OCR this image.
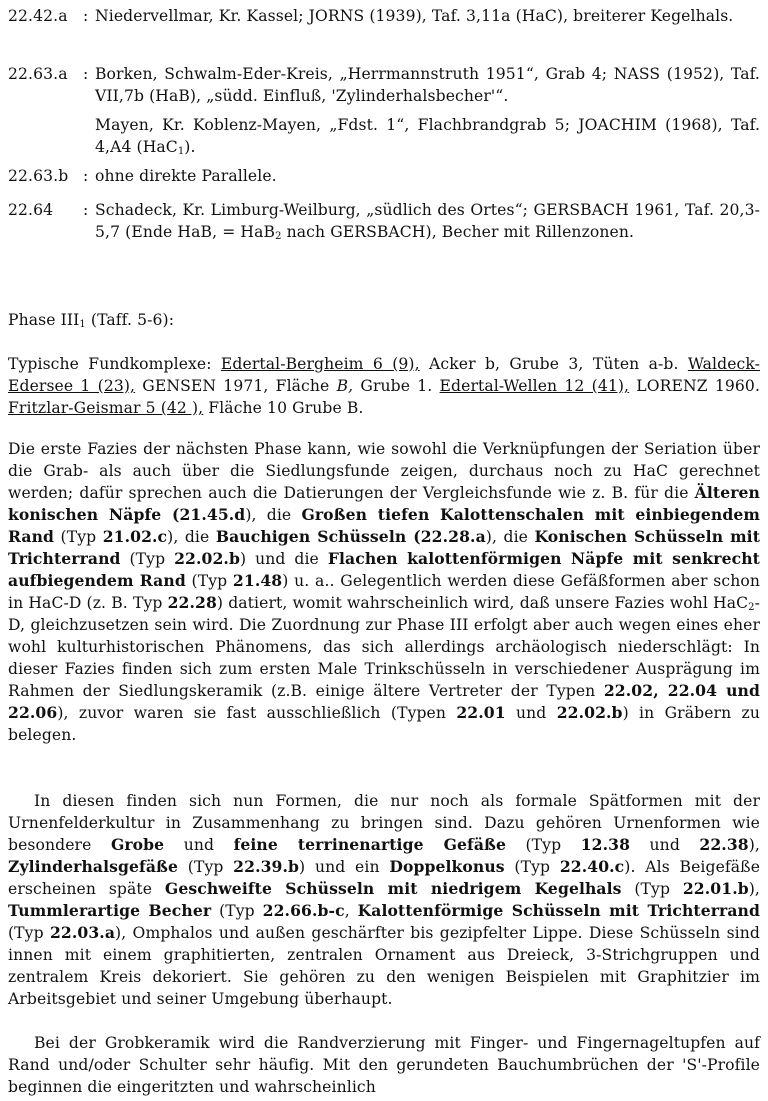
22.42.a : Niedervellmar, Kr. Kassel; JORNS (1939), Taf. 3,11a (HaC), breiterer Kegelhals.

22.63.a : Borken, Schwalm-Eder-Kreis, „Herrmannstruth 1951“, Grab 4; NASS (1952), Taf. VII,7b (HaB), „südd. Einfluß, 'Zylinderhalsbecher'“.

Mayen, Kr. Koblenz-Mayen, „Fdst. 1“, Flachbrandgrab 5; JOACHIM (1968), Taf. 4,A4 (HaC$_1$).

22.63.b : ohne direkte Parallele.

22.64 : Schadeck, Kr. Limburg-Weilburg, „südlich des Ortes“; GERSBACH 1961, Taf. 20,3-5,7 (Ende HaB, = HaB$_2$ nach GERSBACH), Becher mit Rillenzonen.

Phase $III_1$ (Taff. 5-6):

Typische Fundkomplexe: Edertal-Bergheim 6 (9), Acker b, Grube 3, Tüten a-b. Waldeck-Edersee 1 (23), GENSEN 1971, Fläche B, Grube 1. Edertal-Wellen 12 (41), LORENZ 1960. Fritzlar-Geismar 5 (42 ), Fläche 10 Grube B.

Die erste Fazies der nächsten Phase kann, wie sowohl die Verknüpfungen der Seriation über die Grab- als auch über die Siedlungsfunde zeigen, durchaus noch zu HaC gerechnet werden; dafür sprechen auch die Datierungen der Vergleichsfunde wie z. B. für die Älteren konischen Näpfe (21.45.d), die Großen tiefen Kalottenschalen mit einbiegendem Rand (Typ 21.02.c), die Bauchigen Schüsseln (22.28.a), die Konischen Schüsseln mit Trichterrand (Typ 22.02.b) und die Flachen kalottenförmigen Näpfe mit senkrecht aufbiegendem Rand (Typ 21.48) u. a.. Gelegentlich werden diese Gefäßformen aber schon in HaC-D (z. B. Typ 22.28) datiert, womit wahrscheinlich wird, daß unsere Fazies wohl HaC$_2$-D, gleichzusetzen sein wird. Die Zuordnung zur Phase III erfolgt aber auch wegen eines eher wohl kulturhistorischen Phänomens, das sich allerdings archäologisch niederschlägt: In dieser Fazies finden sich zum ersten Male Trinkschüsseln in verschiedener Ausprägung im Rahmen der Siedlungskeramik (z.B. einige ältere Vertreter der Typen 22.02, 22.04 und 22.06), zuvor waren sie fast ausschließlich (Typen 22.01 und 22.02.b) in Gräbern zu belegen.

In diesen finden sich nun Formen, die nur noch als formale Spätformen mit der Urnenfelderkultur in Zusammenhang zu bringen sind. Dazu gehören Urnenformen wie besondere Grobe und feine terrinenartige Gefäße (Typ 12.38 und 22.38), Zylinderhalsgefäße (Typ 22.39.b) und ein Doppelkonus (Typ 22.40.c). Als Beigefäße erscheinen späte Geschweifte Schüsseln mit niedrigem Kegelhals (Typ 22.01.b), Tummlerartige Becher (Typ 22.66.b-c, Kalottenförmige Schüsseln mit Trichterrand (Typ 22.03.a), Omphalos und außen geschärfter bis gezipfelter Lippe. Diese Schüsseln sind innen mit einem graphitierten, zentralen Ornament aus Dreieck, 3-Strichgruppen und zentralem Kreis dekoriert. Sie gehören zu den wenigen Beispielen mit Graphitzier im Arbeitsgebiet und seiner Umgebung überhaupt.

Bei der Grobkeramik wird die Randverzierung mit Finger- und Fingernageltupfen auf Rand und/oder Schulter sehr häufig. Mit den gerundeten Bauchumbrüchen der 'S'-Profile beginnen die eingeritzten und wahrscheinlich
